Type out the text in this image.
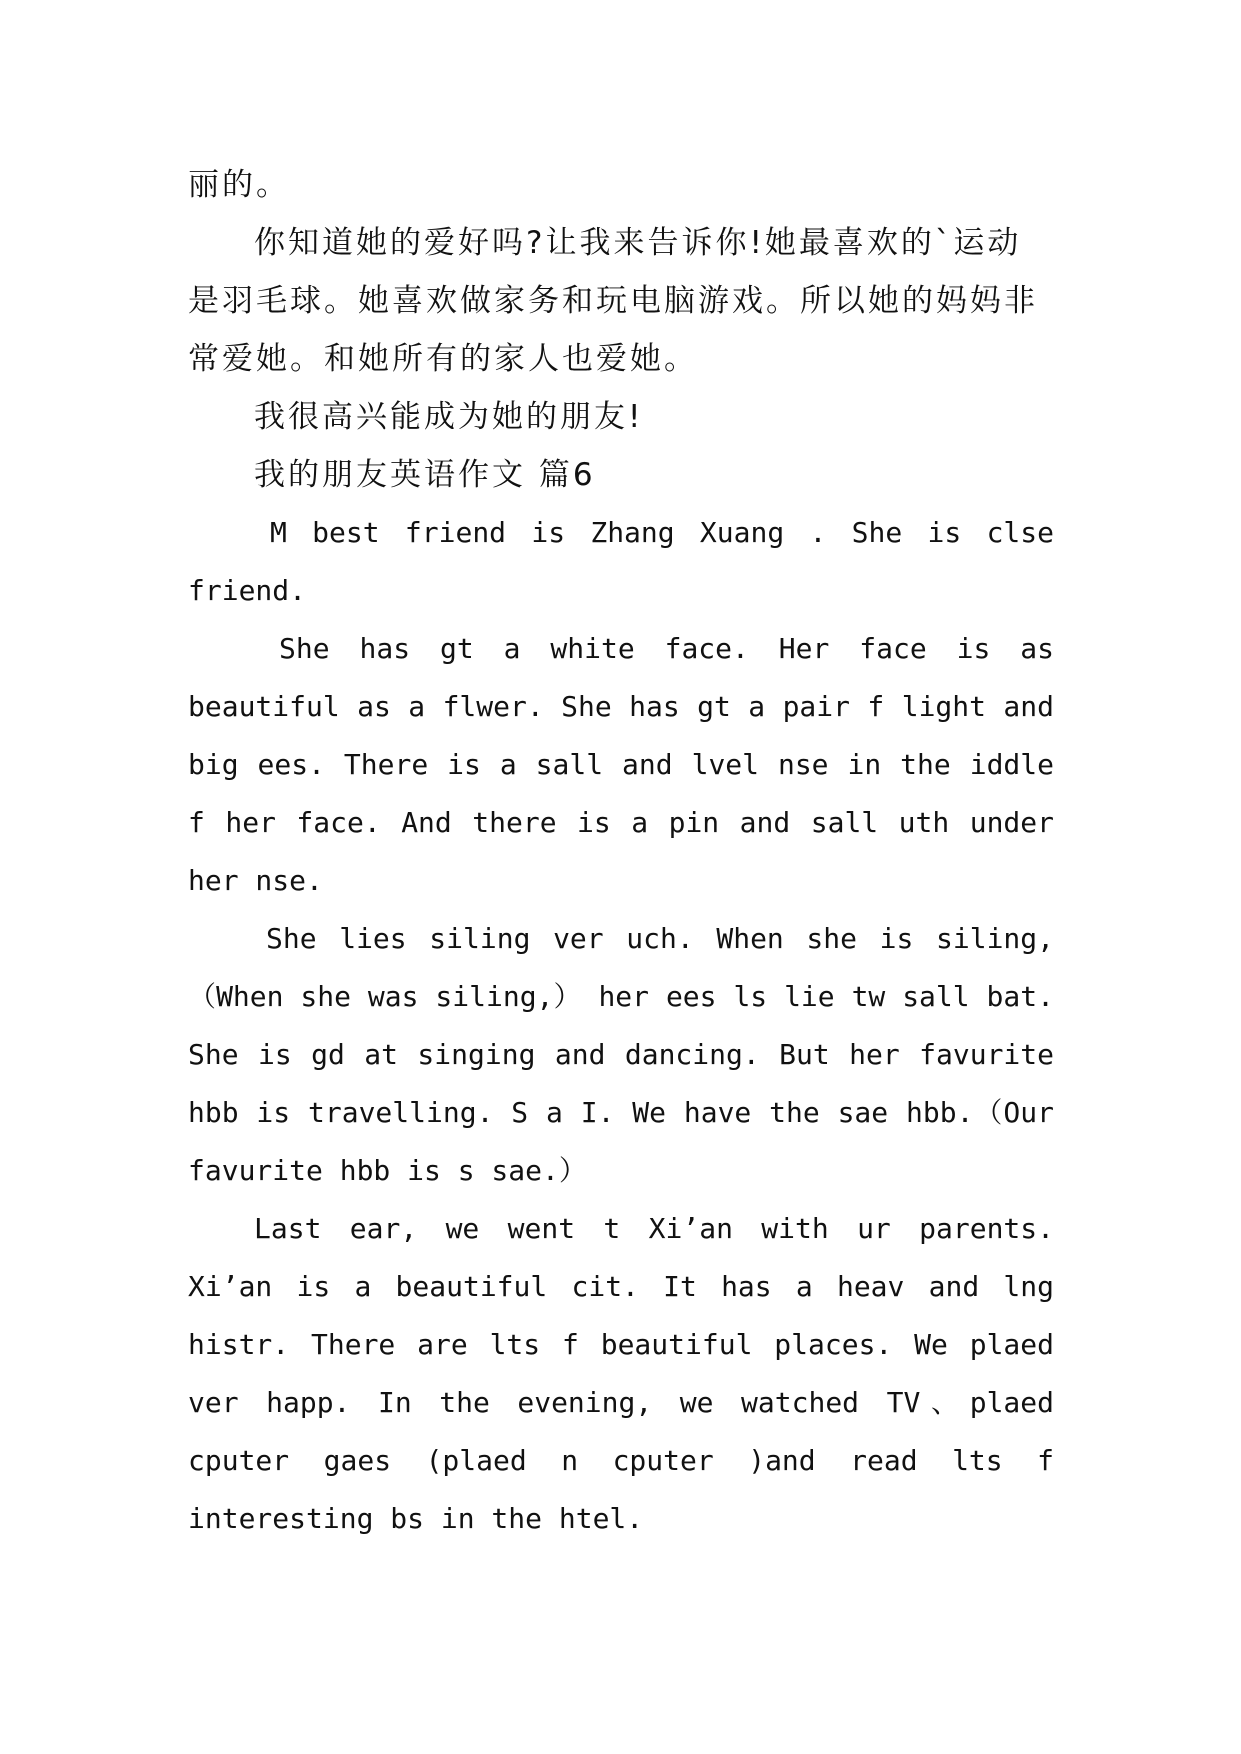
丽的。

你知道她的爱好吗?让我来告诉你!她最喜欢的`运动是羽毛球。她喜欢做家务和玩电脑游戏。所以她的妈妈非常爱她。和她所有的家人也爱她。

我很高兴能成为她的朋友!

我的朋友英语作文 篇6

M best friend is Zhang Xuang . She is clse friend.

She has gt a white face. Her face is as beautiful as a flwer. She has gt a pair f light and big ees. There is a sall and lvel nse in the iddle f her face. And there is a pin and sall uth under her nse.

She lies siling ver uch. When she is siling,（When she was siling,） her ees ls lie tw sall bat. She is gd at singing and dancing. But her favurite hbb is travelling. S a I. We have the sae hbb.（Our favurite hbb is s sae.）

Last ear, we went t Xi’an with ur parents. Xi’an is a beautiful cit. It has a heav and lng histr. There are lts f beautiful places. We plaed ver happ. In the evening, we watched TV、plaed cputer gaes (plaed n cputer )and read lts f interesting bs in the htel.
